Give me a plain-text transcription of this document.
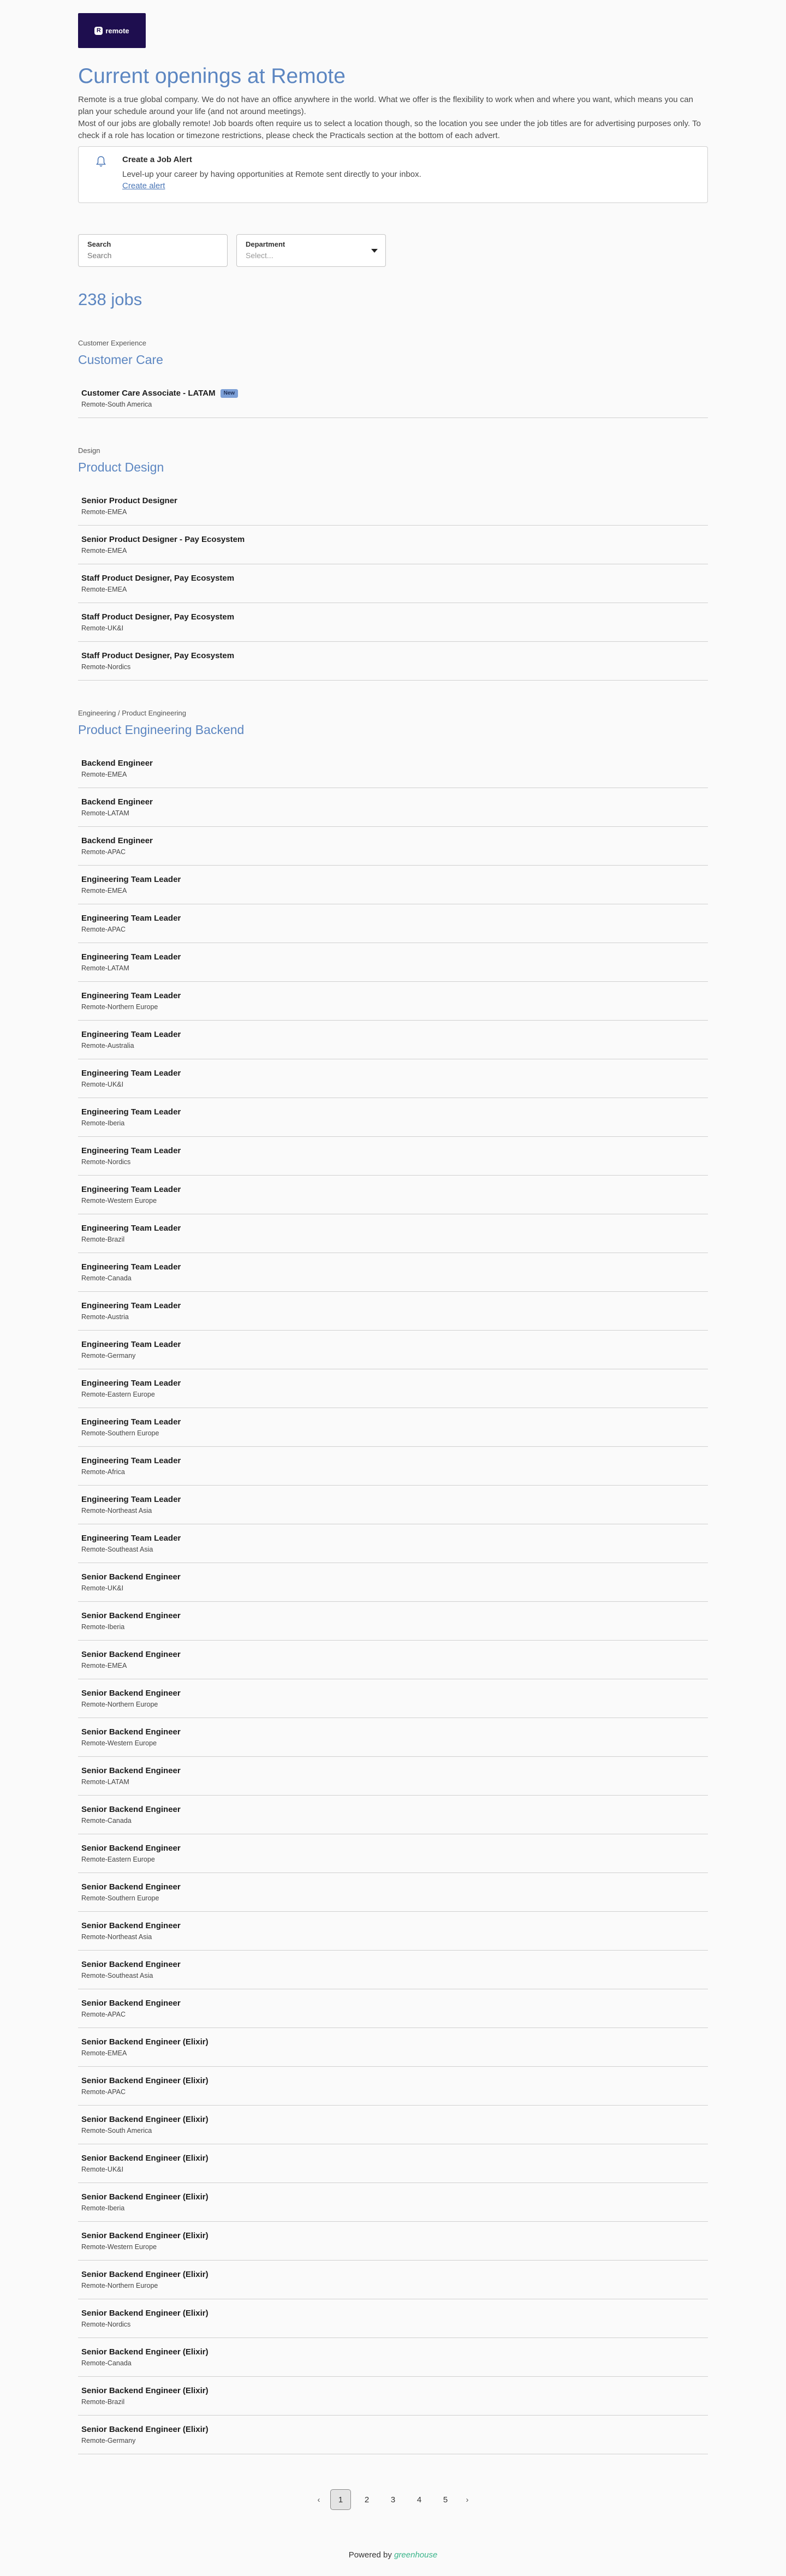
R remote
Current openings at Remote

Remote is a true global company. We do not have an office anywhere in the world. What we offer is the flexibility to work when and where you want, which means you can plan your schedule around your life (and not around meetings).

Most of our jobs are globally remote! Job boards often require us to select a location though, so the location you see under the job titles are for advertising purposes only. To check if a role has location or timezone restrictions, please check the Practicals section at the bottom of each advert.

Create a Job Alert
Level-up your career by having opportunities at Remote sent directly to your inbox.
Create alert
Search
Search	Department
Select...
238 jobs
Customer Experience
Customer Care
Customer Care Associate - LATAM	New
Remote-South America
Design
Product Design
Senior Product Designer
Remote-EMEA
Senior Product Designer - Pay Ecosystem
Remote-EMEA
Staff Product Designer, Pay Ecosystem
Remote-EMEA
Staff Product Designer, Pay Ecosystem
Remote-UK&I
Staff Product Designer, Pay Ecosystem
Remote-Nordics
Engineering / Product Engineering
Product Engineering Backend
Backend Engineer
Remote-EMEA
Backend Engineer
Remote-LATAM
Backend Engineer
Remote-APAC
Engineering Team Leader
Remote-EMEA
Engineering Team Leader
Remote-APAC
Engineering Team Leader
Remote-LATAM
Engineering Team Leader
Remote-Northern Europe
Engineering Team Leader
Remote-Australia
Engineering Team Leader
Remote-UK&I
Engineering Team Leader
Remote-Iberia
Engineering Team Leader
Remote-Nordics
Engineering Team Leader
Remote-Western Europe
Engineering Team Leader
Remote-Brazil
Engineering Team Leader
Remote-Canada
Engineering Team Leader
Remote-Austria
Engineering Team Leader
Remote-Germany
Engineering Team Leader
Remote-Eastern Europe
Engineering Team Leader
Remote-Southern Europe
Engineering Team Leader
Remote-Africa
Engineering Team Leader
Remote-Northeast Asia
Engineering Team Leader
Remote-Southeast Asia
Senior Backend Engineer
Remote-UK&I
Senior Backend Engineer
Remote-Iberia
Senior Backend Engineer
Remote-EMEA
Senior Backend Engineer
Remote-Northern Europe
Senior Backend Engineer
Remote-Western Europe
Senior Backend Engineer
Remote-LATAM
Senior Backend Engineer
Remote-Canada
Senior Backend Engineer
Remote-Eastern Europe
Senior Backend Engineer
Remote-Southern Europe
Senior Backend Engineer
Remote-Northeast Asia
Senior Backend Engineer
Remote-Southeast Asia
Senior Backend Engineer
Remote-APAC
Senior Backend Engineer (Elixir)
Remote-EMEA
Senior Backend Engineer (Elixir)
Remote-APAC
Senior Backend Engineer (Elixir)
Remote-South America
Senior Backend Engineer (Elixir)
Remote-UK&I
Senior Backend Engineer (Elixir)
Remote-Iberia
Senior Backend Engineer (Elixir)
Remote-Western Europe
Senior Backend Engineer (Elixir)
Remote-Northern Europe
Senior Backend Engineer (Elixir)
Remote-Nordics
Senior Backend Engineer (Elixir)
Remote-Canada
Senior Backend Engineer (Elixir)
Remote-Brazil
Senior Backend Engineer (Elixir)
Remote-Germany
‹	1	2	3	4	5	›
Powered by greenhouse
